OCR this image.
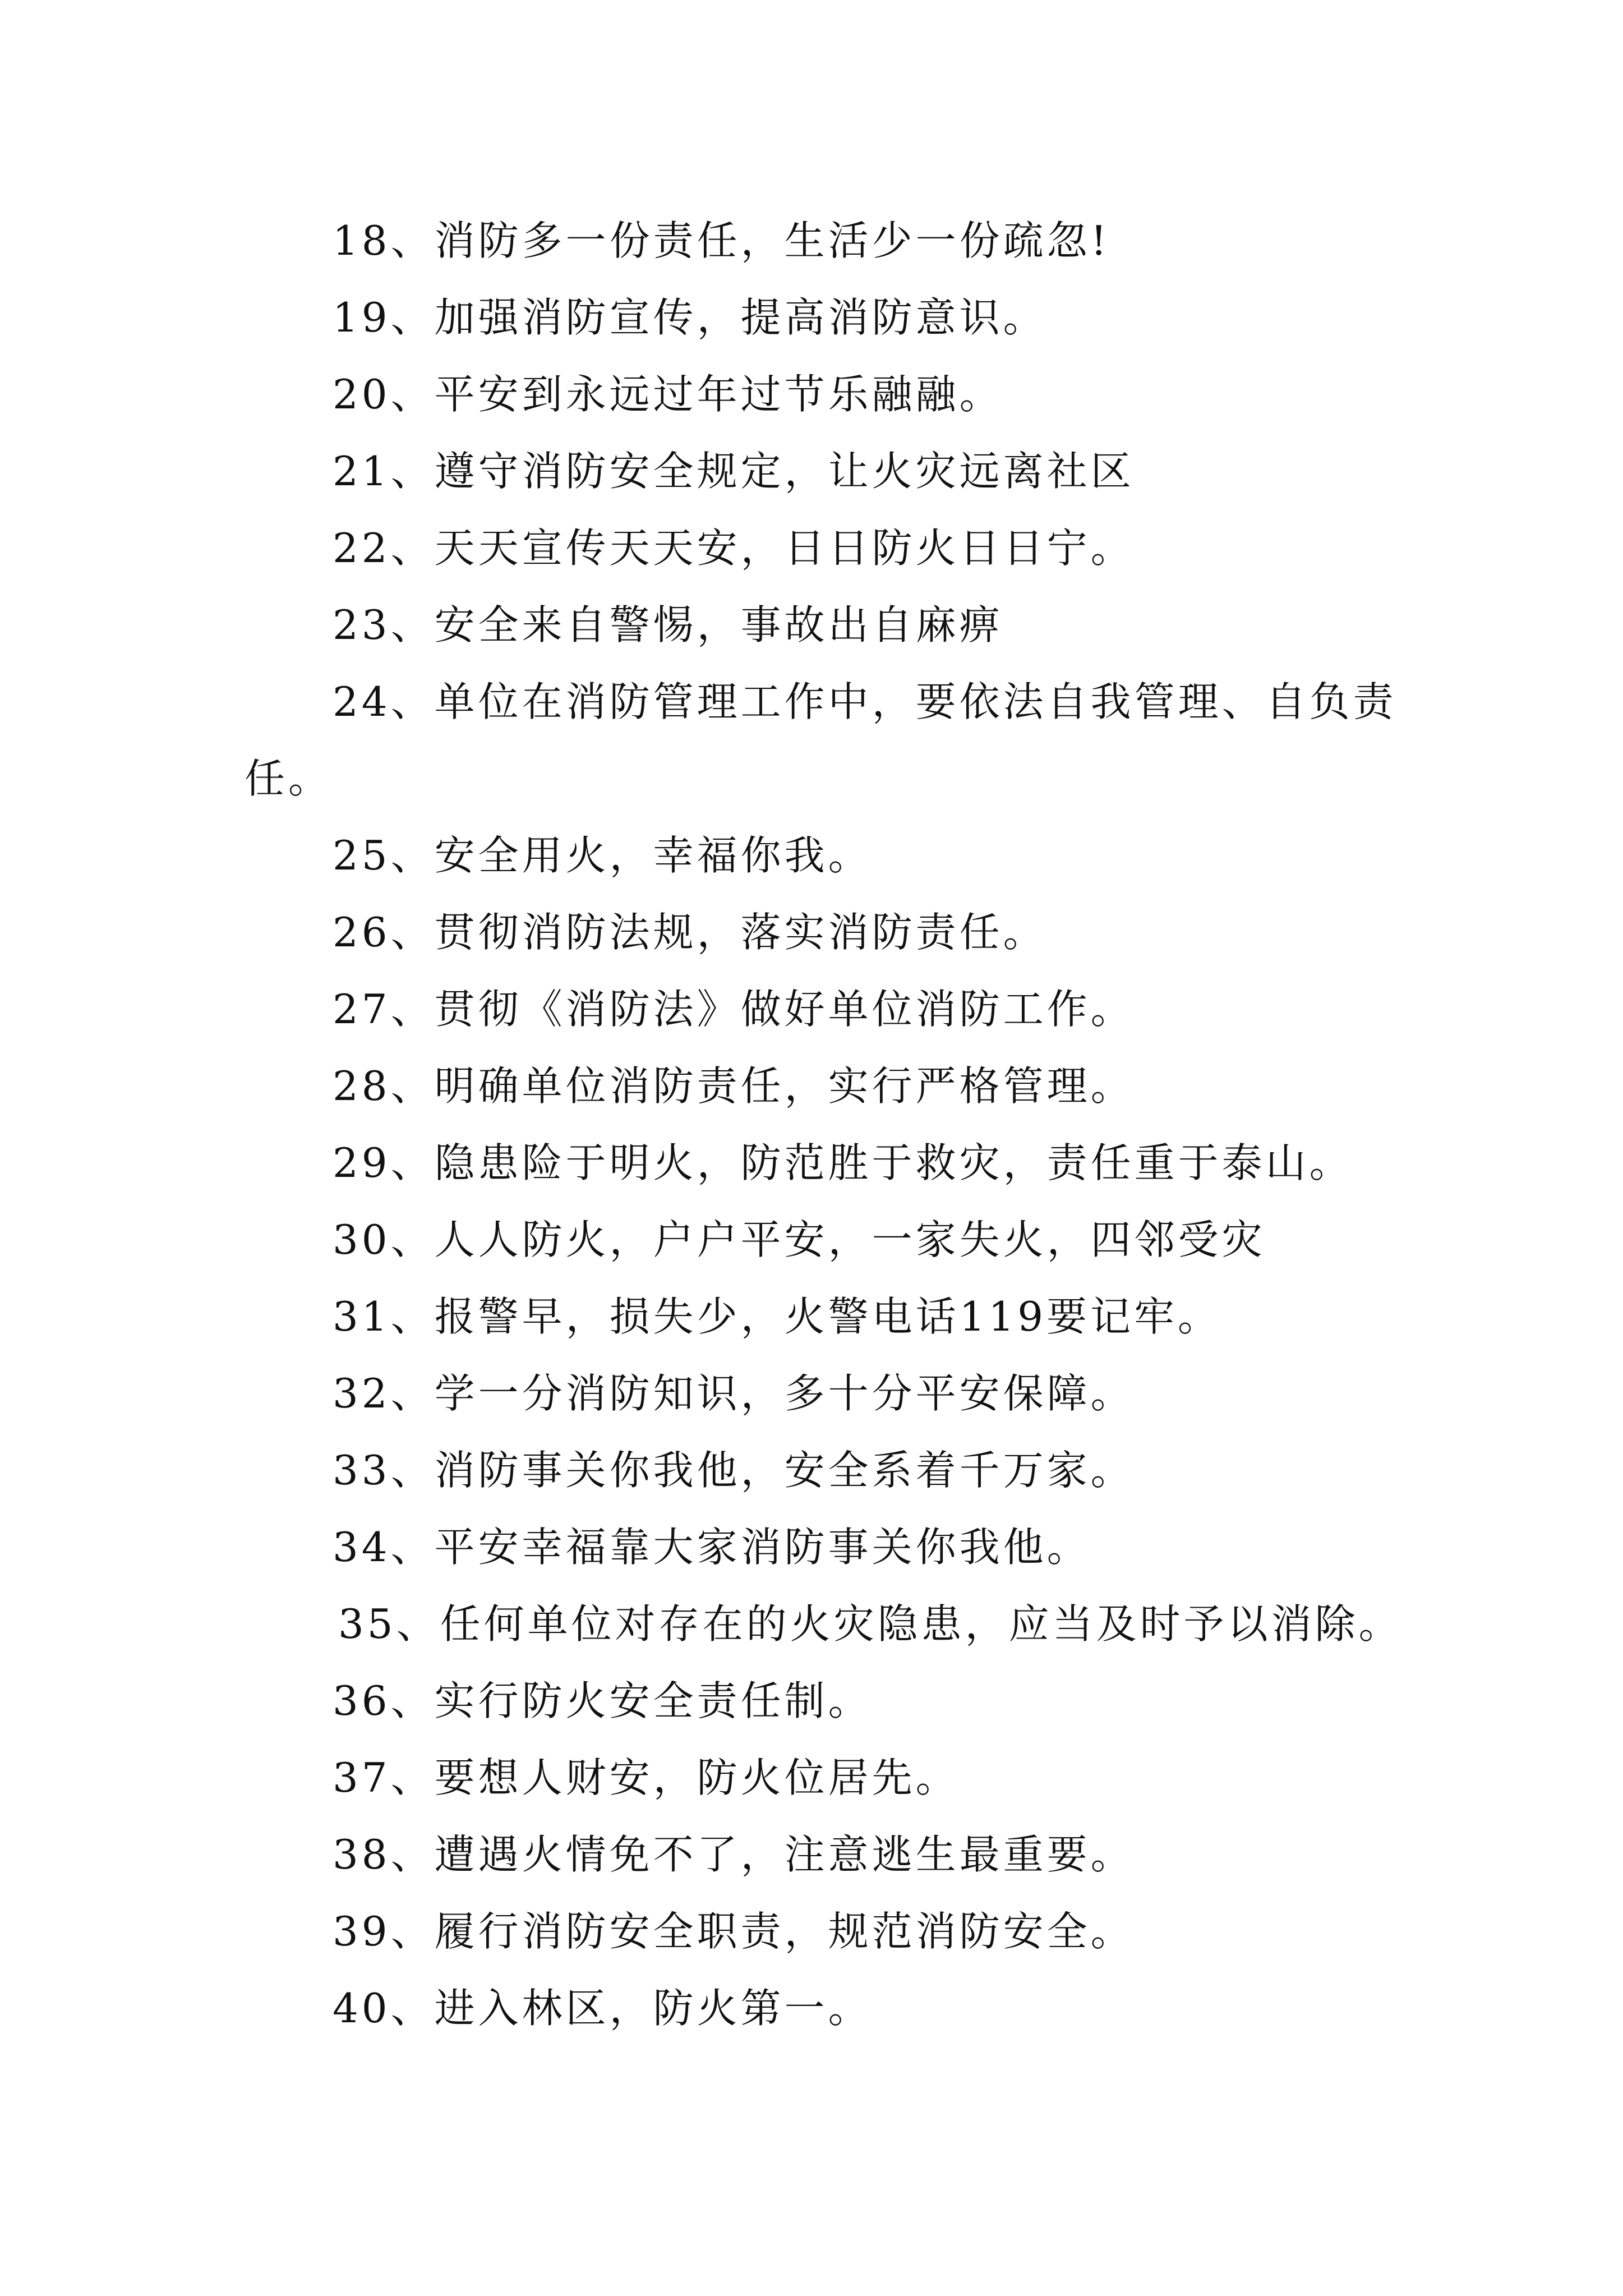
18、消防多一份责任，生活少一份疏忽!

19、加强消防宣传，提高消防意识。

20、平安到永远过年过节乐融融。

21、遵守消防安全规定，让火灾远离社区

22、天天宣传天天安，日日防火日日宁。

23、安全来自警惕，事故出自麻痹

24、单位在消防管理工作中，要依法自我管理、自负责

任。

25、安全用火，幸福你我。

26、贯彻消防法规，落实消防责任。

27、贯彻《消防法》做好单位消防工作。

28、明确单位消防责任，实行严格管理。

29、隐患险于明火，防范胜于救灾，责任重于泰山。

30、人人防火，户户平安，一家失火，四邻受灾

31、报警早，损失少，火警电话119要记牢。

32、学一分消防知识，多十分平安保障。

33、消防事关你我他，安全系着千万家。

34、平安幸福靠大家消防事关你我他。

35、任何单位对存在的火灾隐患，应当及时予以消除。

36、实行防火安全责任制。

37、要想人财安，防火位居先。

38、遭遇火情免不了，注意逃生最重要。

39、履行消防安全职责，规范消防安全。

40、进入林区，防火第一。
